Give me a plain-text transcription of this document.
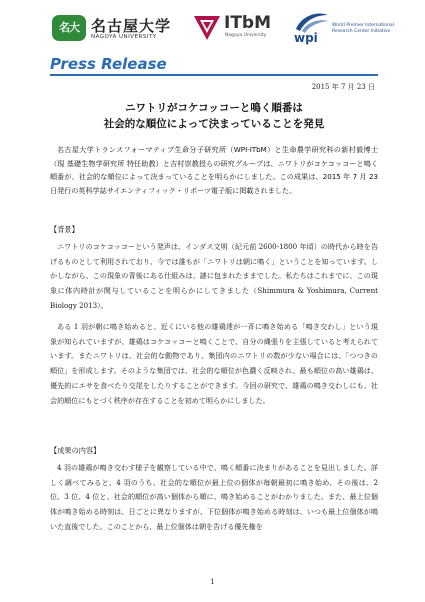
名大 名古屋大学
NAGOYA UNIVERSITY
ITbM
Nagoya University wpi
World Premier International
Research Center Initiative
Press Release
2015 年 7 月 23 日
ニワトリがコケコッコーと鳴く順番は
社会的な順位によって決まっていることを発見
名古屋大学トランスフォーマティブ生命分子研究所（WPI-ITbM）と生命農学研究科の新村毅博士（現 基礎生物学研究所 特任助教）と吉村崇教授らの研究グループは、ニワトリがコケコッコーと鳴く順番が、社会的な順位によって決まっていることを明らかにしました。この成果は、2015 年 7 月 23 日発行の英科学誌サイエンティフィック・リポーツ電子版に掲載されました。
【背景】
ニワトリのコケコッコーという発声は、インダス文明（紀元前 2600-1800 年頃）の時代から時を告げるものとして利用されており、今では誰もが「ニワトリは朝に鳴く」ということを知っています。しかしながら、この現象の背後にある仕組みは、謎に包まれたままでした。私たちはこれまでに、この現象に体内時計が関与していることを明らかにしてきました（Shimmura & Yoshimura, Current Biology 2013）。
ある 1 羽が朝に鳴き始めると、近くにいる他の雄鶏達が一斉に鳴き始める「鳴き交わし」という現象が知られていますが、雄鶏はコケコッコーと鳴くことで、自分の縄張りを主張していると考えられています。またニワトリは、社会的な動物であり、集団内のニワトリの数が少ない場合には、「つつきの順位」を形成します。そのような集団では、社会的な順位が色濃く反映され、最も順位の高い雄鶏は、優先的にエサを食べたり交尾をしたりすることができます。今回の研究で、雄鶏の鳴き交わしにも、社会的順位にもとづく秩序が存在することを初めて明らかにしました。
【成果の内容】
4 羽の雄鶏が鳴き交わす様子を観察している中で、鳴く順番に決まりがあることを見出しました。詳しく調べてみると、4 羽のうち、社会的な順位が最上位の個体が毎朝最初に鳴き始め、その後は、2 位、3 位、4 位と、社会的順位が高い個体から順に、鳴き始めることがわかりました。また、最上位個体が鳴き始める時刻は、日ごとに異なりますが、下位個体が鳴き始める時刻は、いつも最上位個体が鳴いた直後でした。このことから、最上位個体は朝を告げる優先権を
1
